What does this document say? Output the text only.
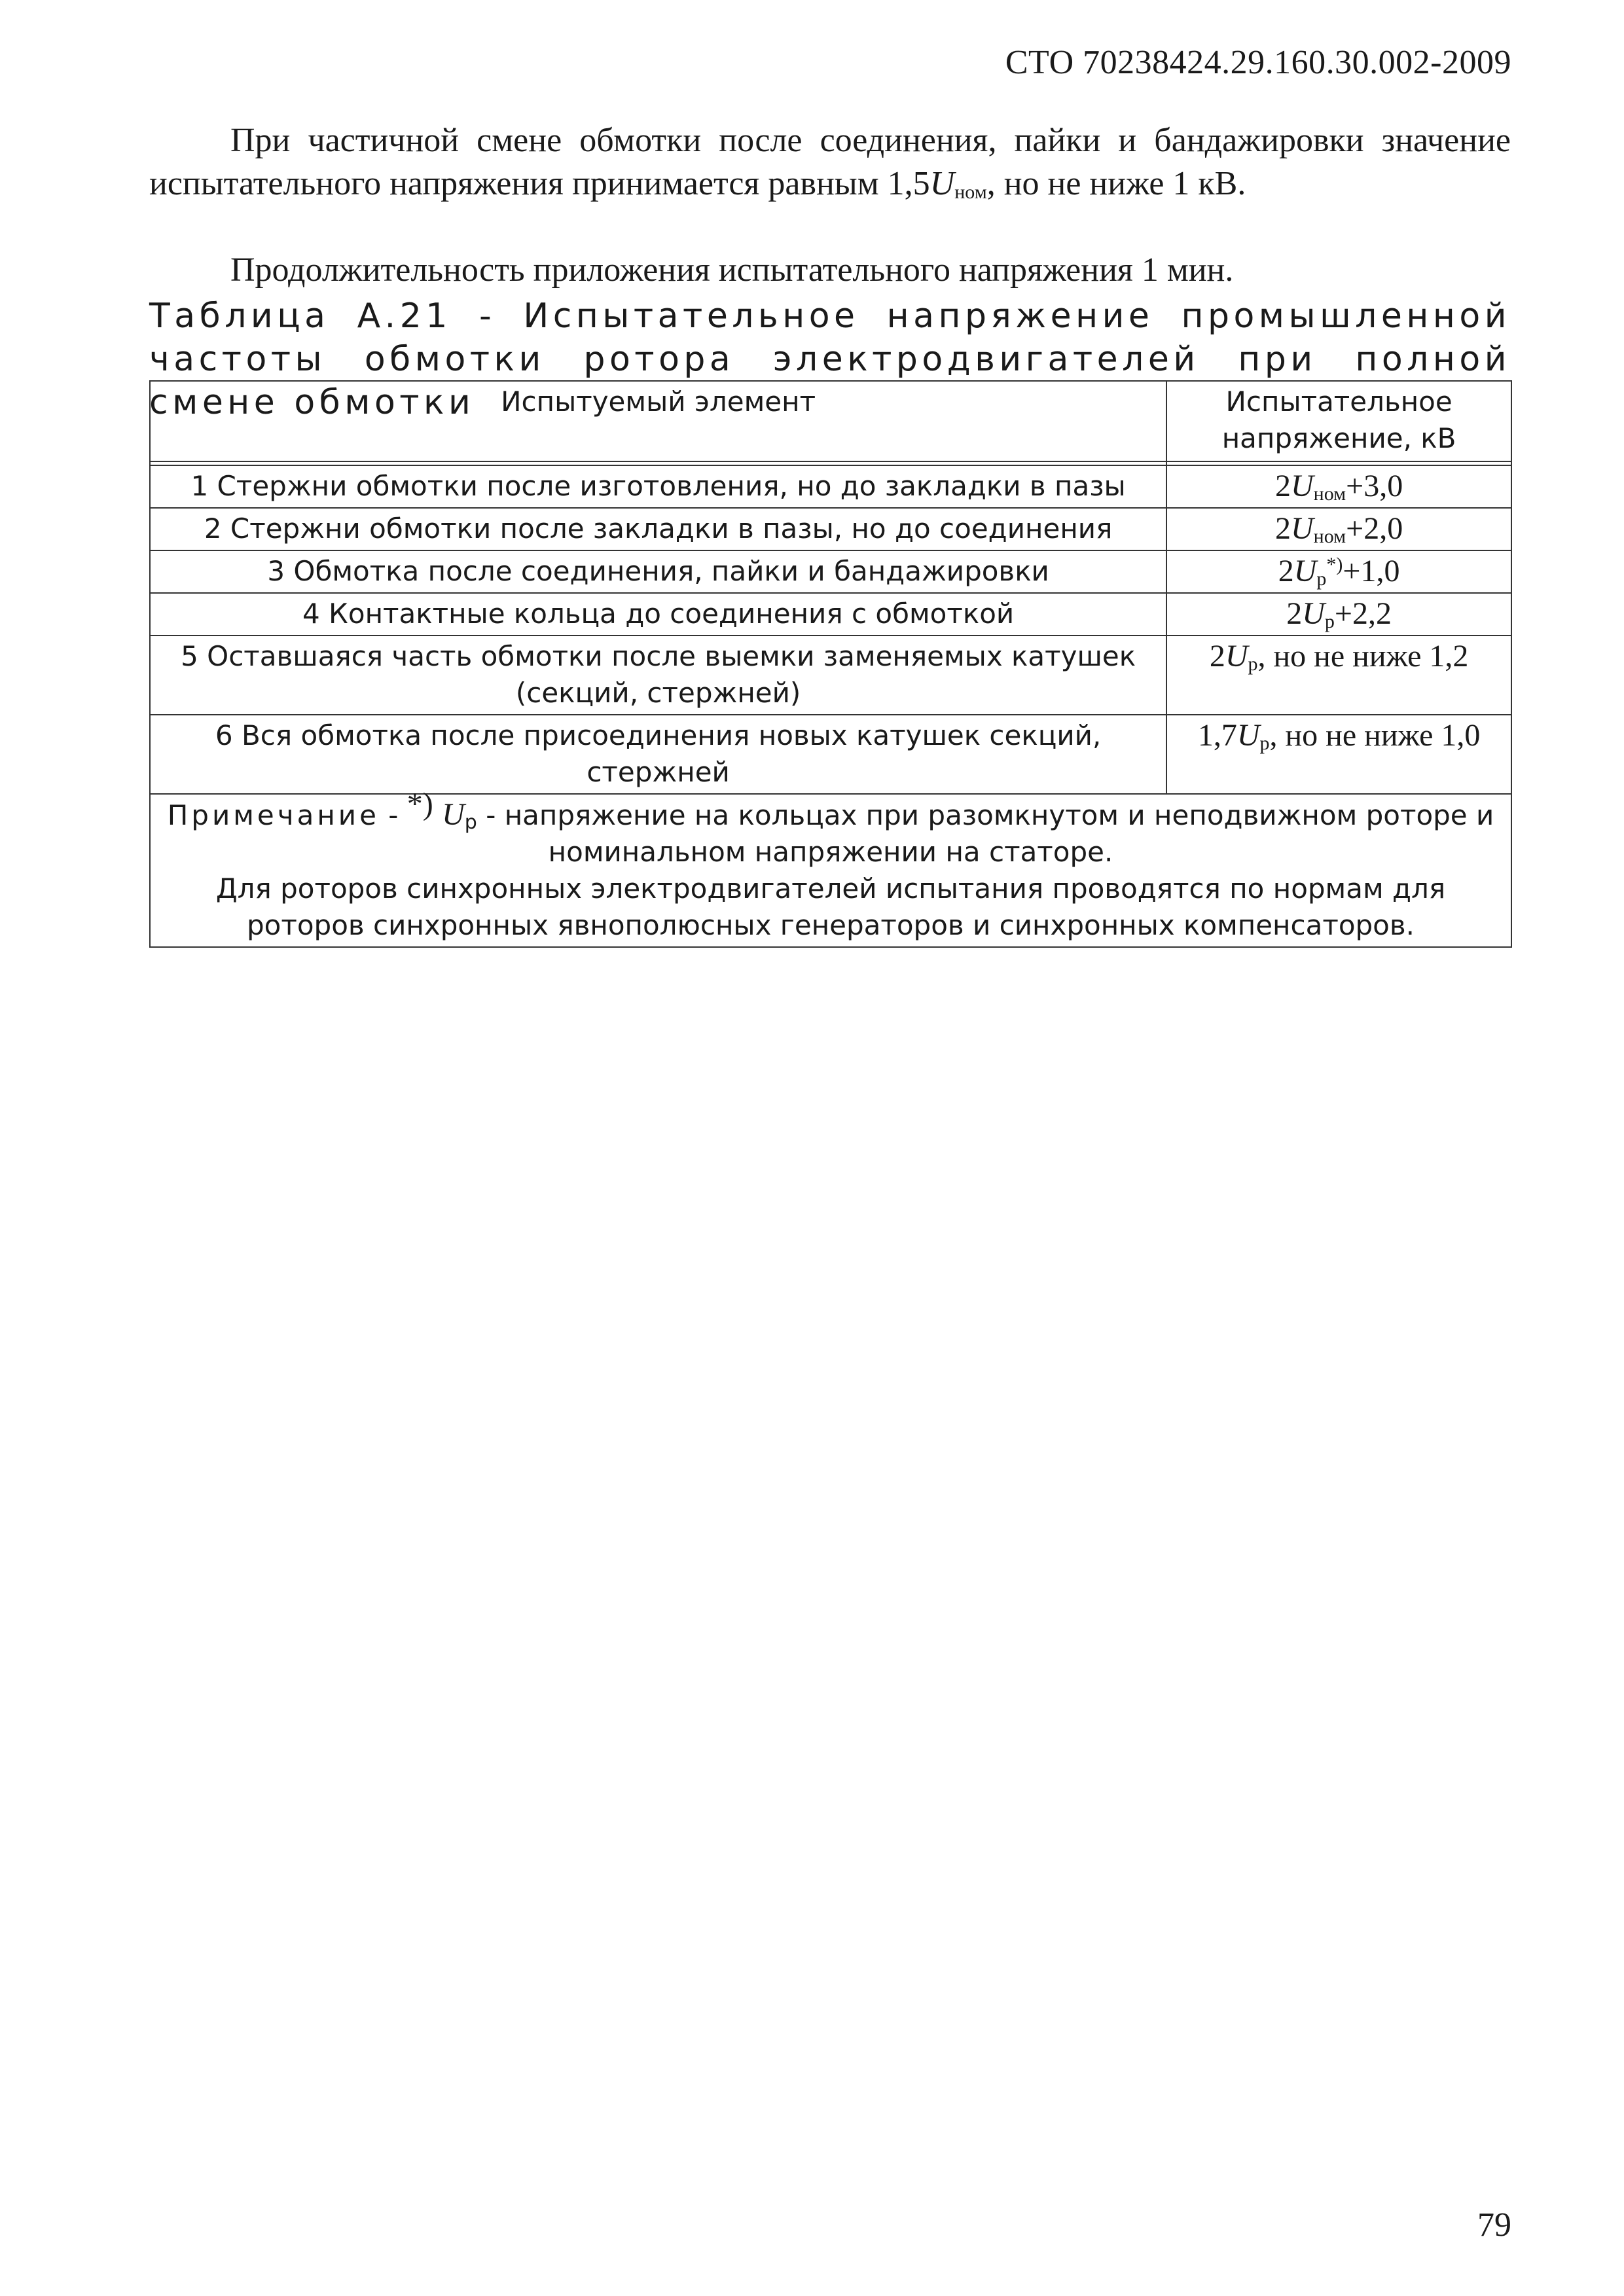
СТО 70238424.29.160.30.002-2009
При частичной смене обмотки после соединения, пайки и бандажировки значение испытательного напряжения принимается равным $1,5U_{ном}$, но не ниже 1 кВ.
Продолжительность приложения испытательного напряжения 1 мин.
Таблица А.21 - Испытательное напряжение промышленной частоты обмотки ротора электродвигателей при полной смене обмотки Испытуемый элемент	Испытательное напряжение, кВ

1 Стержни обмотки после изготовления, но до закладки в пазы	$2U_{ном}+3,0$
2 Стержни обмотки после закладки в пазы, но до соединения	$2U_{ном}+2,0$
3 Обмотка после соединения, пайки и бандажировки	$2U_р^{*)}+1,0$
4 Контактные кольца до соединения с обмоткой	$2U_р+2,2$
5 Оставшаяся часть обмотки после выемки заменяемых катушек (секций, стержней)	$2U_р$, но не ниже 1,2
6 Вся обмотка после присоединения новых катушек секций, стержней	$1,7U_р$, но не ниже 1,0
Примечание - *) $U_р$ - напряжение на кольцах при разомкнутом и неподвижном роторе и номинальном напряжении на статоре.
Для роторов синхронных электродвигателей испытания проводятся по нормам для роторов синхронных явнополюсных генераторов и синхронных компенсаторов.	
79
